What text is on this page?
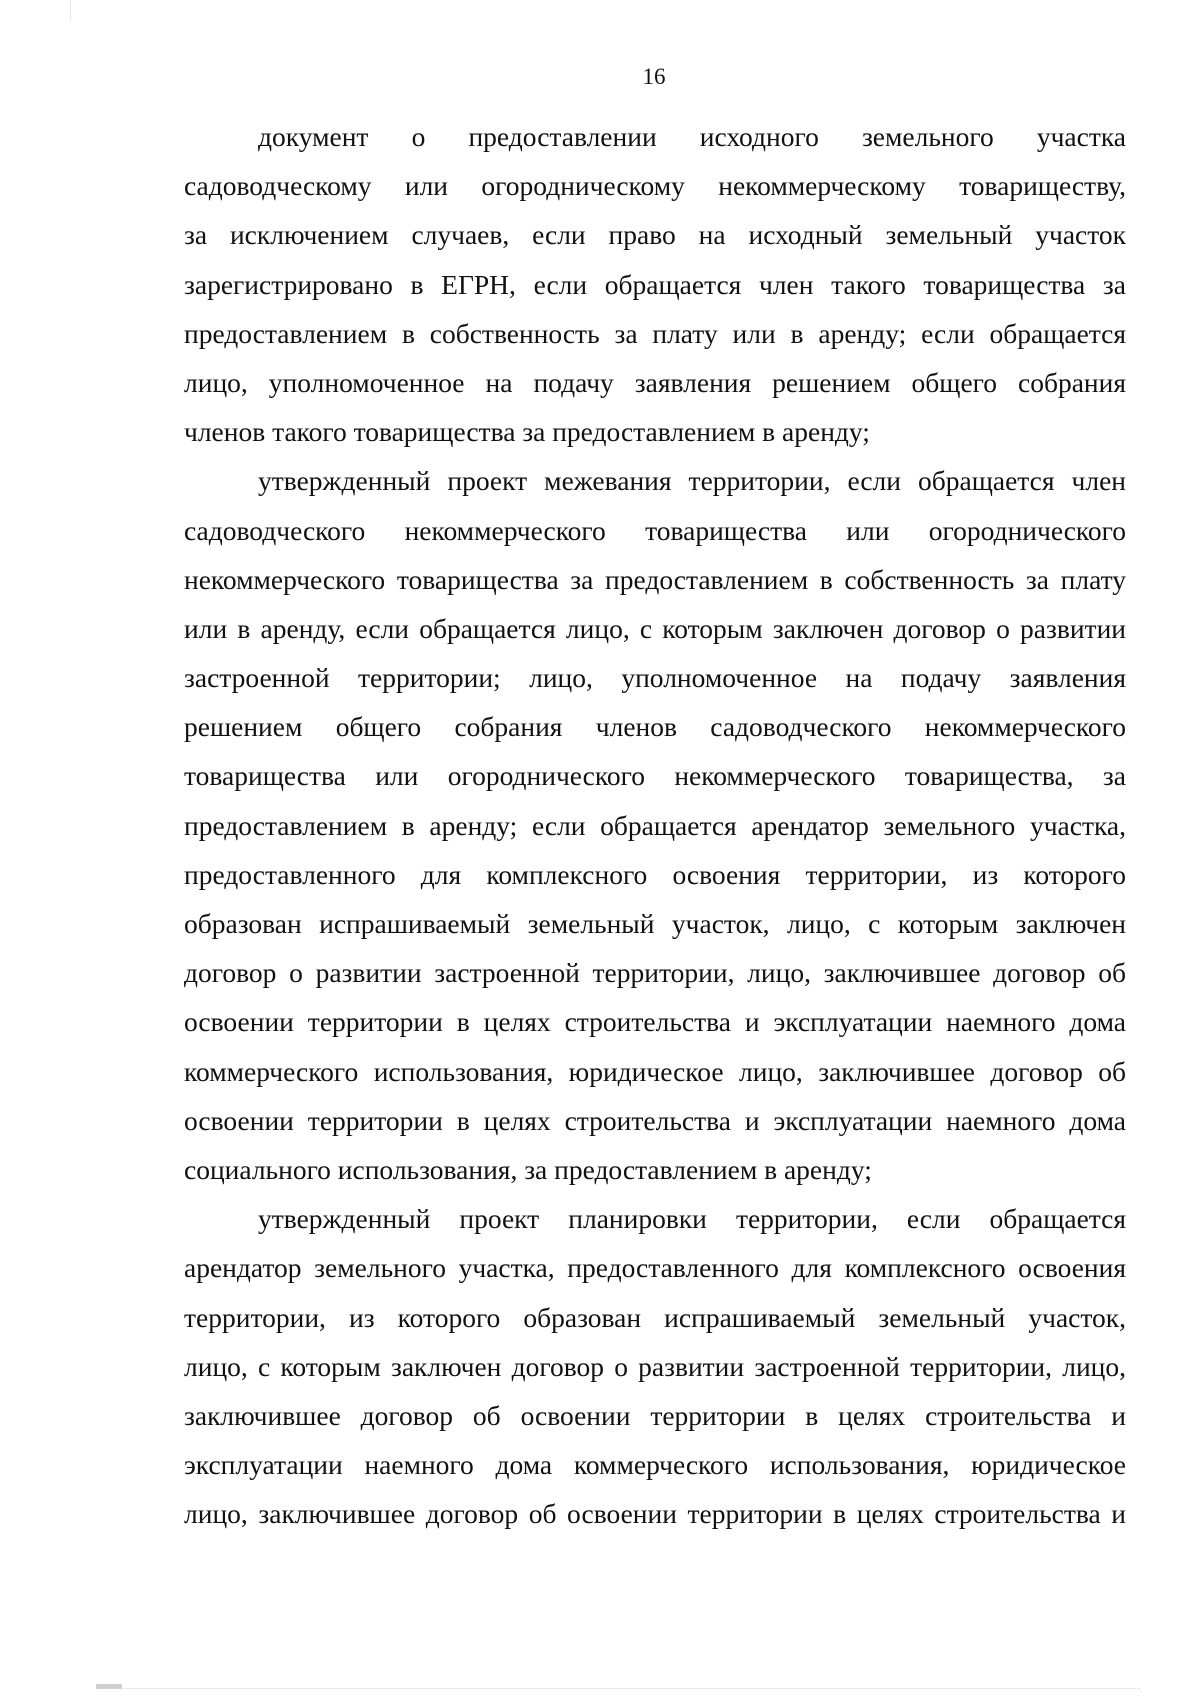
16

документ о предоставлении исходного земельного участка
садоводческому или огородническому некоммерческому товариществу,
за исключением случаев, если право на исходный земельный участок
зарегистрировано в ЕГРН, если обращается член такого товарищества за
предоставлением в собственность за плату или в аренду; если обращается
лицо, уполномоченное на подачу заявления решением общего собрания
членов такого товарищества за предоставлением в аренду;

утвержденный проект межевания территории, если обращается член
садоводческого некоммерческого товарищества или огороднического
некоммерческого товарищества за предоставлением в собственность за плату
или в аренду, если обращается лицо, с которым заключен договор о развитии
застроенной территории; лицо, уполномоченное на подачу заявления
решением общего собрания членов садоводческого некоммерческого
товарищества или огороднического некоммерческого товарищества, за
предоставлением в аренду; если обращается арендатор земельного участка,
предоставленного для комплексного освоения территории, из которого
образован испрашиваемый земельный участок, лицо, с которым заключен
договор о развитии застроенной территории, лицо, заключившее договор об
освоении территории в целях строительства и эксплуатации наемного дома
коммерческого использования, юридическое лицо, заключившее договор об
освоении территории в целях строительства и эксплуатации наемного дома
социального использования, за предоставлением в аренду;

утвержденный проект планировки территории, если обращается
арендатор земельного участка, предоставленного для комплексного освоения
территории, из которого образован испрашиваемый земельный участок,
лицо, с которым заключен договор о развитии застроенной территории, лицо,
заключившее договор об освоении территории в целях строительства и
эксплуатации наемного дома коммерческого использования, юридическое
лицо, заключившее договор об освоении территории в целях строительства и
